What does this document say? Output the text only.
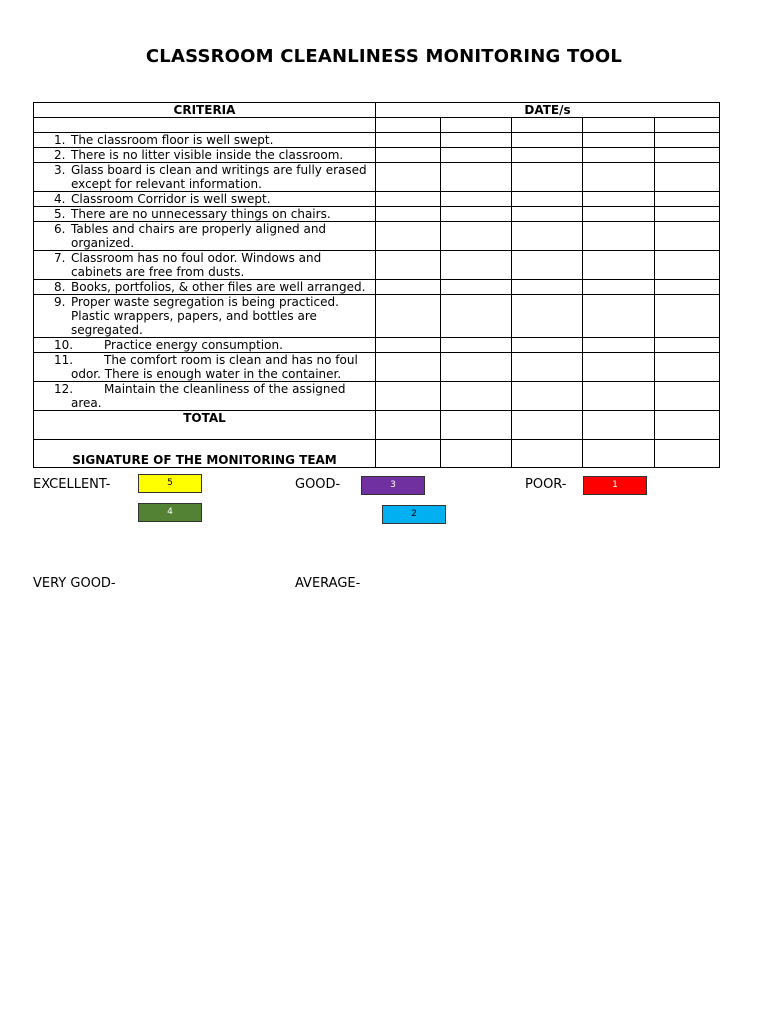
CLASSROOM CLEANLINESS MONITORING TOOL
CRITERIA	DATE/s				

1. The classroom floor is well swept.					
2. There is no litter visible inside the classroom.					
3. Glass board is clean and writings are fully erased except for relevant information.					
4. Classroom Corridor is well swept.					
5. There are no unnecessary things on chairs.					
6. Tables and chairs are properly aligned and organized.					
7. Classroom has no foul odor. Windows and cabinets are free from dusts.					
8. Books, portfolios, & other files are well arranged.					
9. Proper waste segregation is being practiced. Plastic wrappers, papers, and bottles are segregated.					
10. Practice energy consumption.					
11. The comfort room is clean and has no foul odor. There is enough water in the container.					
12. Maintain the cleanliness of the assigned area.					
TOTAL					
SIGNATURE OF THE MONITORING TEAM					
EXCELLENT-	5
4
VERY GOOD-
GOOD-	3
2
AVERAGE-
POOR-	1
